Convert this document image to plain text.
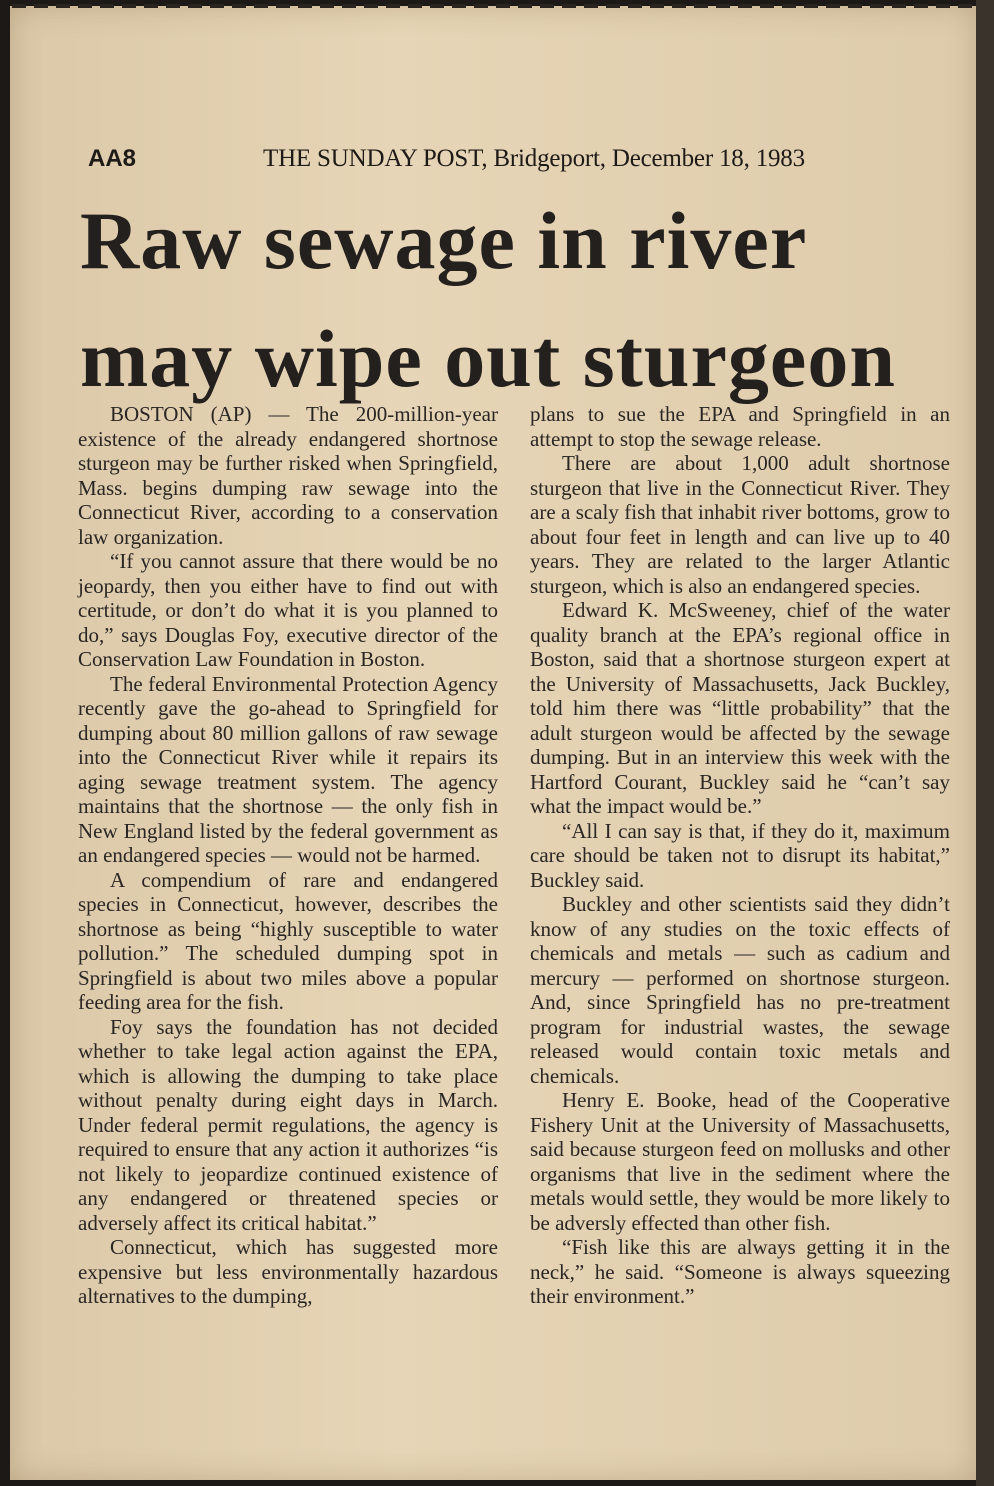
AA8	THE SUNDAY POST, Bridgeport, December 18, 1983
Raw sewage in river
may wipe out sturgeon

BOSTON (AP) — The 200-million-year existence of the already endangered shortnose sturgeon may be further risked when Springfield, Mass. begins dumping raw sewage into the Connecticut River, according to a conservation law organization.

“If you cannot assure that there would be no jeopardy, then you either have to find out with certitude, or don’t do what it is you planned to do,” says Douglas Foy, executive director of the Conservation Law Foundation in Boston.

The federal Environmental Protection Agency recently gave the go-ahead to Springfield for dumping about 80 million gallons of raw sewage into the Connecticut River while it repairs its aging sewage treatment system. The agency maintains that the shortnose — the only fish in New England listed by the federal government as an endangered species — would not be harmed.

A compendium of rare and endangered species in Connecticut, however, describes the shortnose as being “highly susceptible to water pollution.” The scheduled dumping spot in Springfield is about two miles above a popular feeding area for the fish.

Foy says the foundation has not decided whether to take legal action against the EPA, which is allowing the dumping to take place without penalty during eight days in March. Under federal permit regulations, the agency is required to ensure that any action it authorizes “is not likely to jeopardize continued existence of any endangered or threatened species or adversely affect its critical habitat.”

Connecticut, which has suggested more expensive but less environmentally hazardous alternatives to the dumping,

plans to sue the EPA and Springfield in an attempt to stop the sewage release.

There are about 1,000 adult shortnose sturgeon that live in the Connecticut River. They are a scaly fish that inhabit river bottoms, grow to about four feet in length and can live up to 40 years. They are related to the larger Atlantic sturgeon, which is also an endangered species.

Edward K. McSweeney, chief of the water quality branch at the EPA’s regional office in Boston, said that a shortnose sturgeon expert at the University of Massachusetts, Jack Buckley, told him there was “little probability” that the adult sturgeon would be affected by the sewage dumping. But in an interview this week with the Hartford Courant, Buckley said he “can’t say what the impact would be.”

“All I can say is that, if they do it, maximum care should be taken not to disrupt its habitat,” Buckley said.

Buckley and other scientists said they didn’t know of any studies on the toxic effects of chemicals and metals — such as cadium and mercury — performed on shortnose sturgeon. And, since Springfield has no pre-treatment program for industrial wastes, the sewage released would contain toxic metals and chemicals.

Henry E. Booke, head of the Cooperative Fishery Unit at the University of Massachusetts, said because sturgeon feed on mollusks and other organisms that live in the sediment where the metals would settle, they would be more likely to be adversly effected than other fish.

“Fish like this are always getting it in the neck,” he said. “Someone is always squeezing their environment.”
